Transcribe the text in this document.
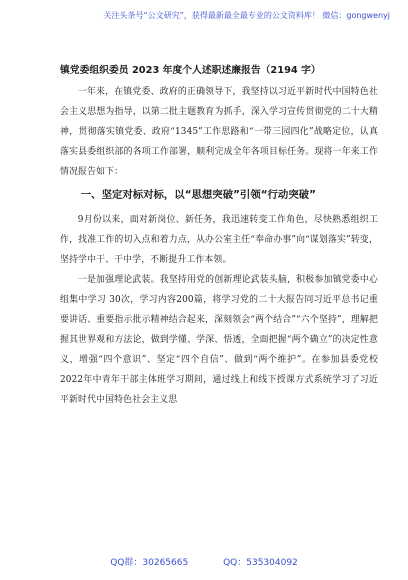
关注头条号“公文研究”，获得最新最全最专业的公文资料库！ 微信：gongwenyj

镇党委组织委员 2023 年度个人述职述廉报告（2194 字）

一年来，在镇党委、政府的正确领导下，我坚持以习近平新时代中国特色社会主义思想为指导，以第二批主题教育为抓手，深入学习宣传贯彻党的二十大精神，贯彻落实镇党委、政府“1345”工作思路和“一带三园四化”战略定位，认真落实县委组织部的各项工作部署，顺利完成全年各项目标任务。现将一年来工作情况报告如下：

一、坚定对标对标，以“思想突破”引领“行动突破”

9月份以来，面对新岗位、新任务，我迅速转变工作角色，尽快熟悉组织工作，找准工作的切入点和着力点，从办公室主任“奉命办事”向“谋划落实”转变，坚持学中干、干中学，不断提升工作本领。

一是加强理论武装。我坚持用党的创新理论武装头脑，积极参加镇党委中心组集中学习 30次，学习内容200篇，将学习党的二十大报告同习近平总书记重要讲话、重要指示批示精神结合起来，深刻领会“两个结合”“六个坚持”，理解把握其世界观和方法论，做到学懂、学深、悟透，全面把握“两个确立”的决定性意义，增强“四个意识”、坚定“四个自信”、做到“两个维护”。在参加县委党校2022年中青年干部主体班学习期间，通过线上和线下授课方式系统学习了习近平新时代中国特色社会主义思

QQ群：30265665	QQ：535304092
